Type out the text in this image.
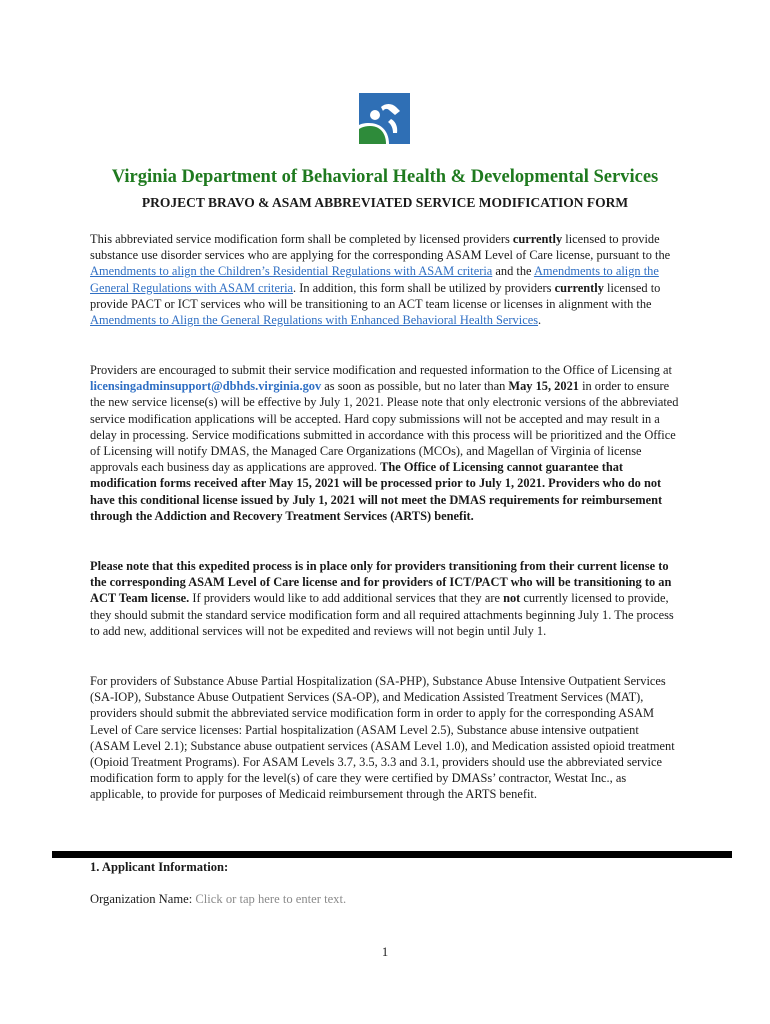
Virginia Department of Behavioral Health & Developmental Services
PROJECT BRAVO & ASAM ABBREVIATED SERVICE MODIFICATION FORM

This abbreviated service modification form shall be completed by licensed providers currently licensed to provide substance use disorder services who are applying for the corresponding ASAM Level of Care license, pursuant to the Amendments to align the Children’s Residential Regulations with ASAM criteria and the Amendments to align the General Regulations with ASAM criteria. In addition, this form shall be utilized by providers currently licensed to provide PACT or ICT services who will be transitioning to an ACT team license or licenses in alignment with the Amendments to Align the General Regulations with Enhanced Behavioral Health Services.

Providers are encouraged to submit their service modification and requested information to the Office of Licensing at licensingadminsupport@dbhds.virginia.gov as soon as possible, but no later than May 15, 2021 in order to ensure the new service license(s) will be effective by July 1, 2021. Please note that only electronic versions of the abbreviated service modification applications will be accepted. Hard copy submissions will not be accepted and may result in a delay in processing. Service modifications submitted in accordance with this process will be prioritized and the Office of Licensing will notify DMAS, the Managed Care Organizations (MCOs), and Magellan of Virginia of license approvals each business day as applications are approved. The Office of Licensing cannot guarantee that modification forms received after May 15, 2021 will be processed prior to July 1, 2021. Providers who do not have this conditional license issued by July 1, 2021 will not meet the DMAS requirements for reimbursement through the Addiction and Recovery Treatment Services (ARTS) benefit.

Please note that this expedited process is in place only for providers transitioning from their current license to the corresponding ASAM Level of Care license and for providers of ICT/PACT who will be transitioning to an ACT Team license. If providers would like to add additional services that they are not currently licensed to provide, they should submit the standard service modification form and all required attachments beginning July 1. The process to add new, additional services will not be expedited and reviews will not begin until July 1.

For providers of Substance Abuse Partial Hospitalization (SA-PHP), Substance Abuse Intensive Outpatient Services (SA-IOP), Substance Abuse Outpatient Services (SA-OP), and Medication Assisted Treatment Services (MAT), providers should submit the abbreviated service modification form in order to apply for the corresponding ASAM Level of Care service licenses: Partial hospitalization (ASAM Level 2.5), Substance abuse intensive outpatient (ASAM Level 2.1); Substance abuse outpatient services (ASAM Level 1.0), and Medication assisted opioid treatment (Opioid Treatment Programs). For ASAM Levels 3.7, 3.5, 3.3 and 3.1, providers should use the abbreviated service modification form to apply for the level(s) of care they were certified by DMASs’ contractor, Westat Inc., as applicable, to provide for purposes of Medicaid reimbursement through the ARTS benefit.

1. Applicant Information:

Organization Name: Click or tap here to enter text.

1
